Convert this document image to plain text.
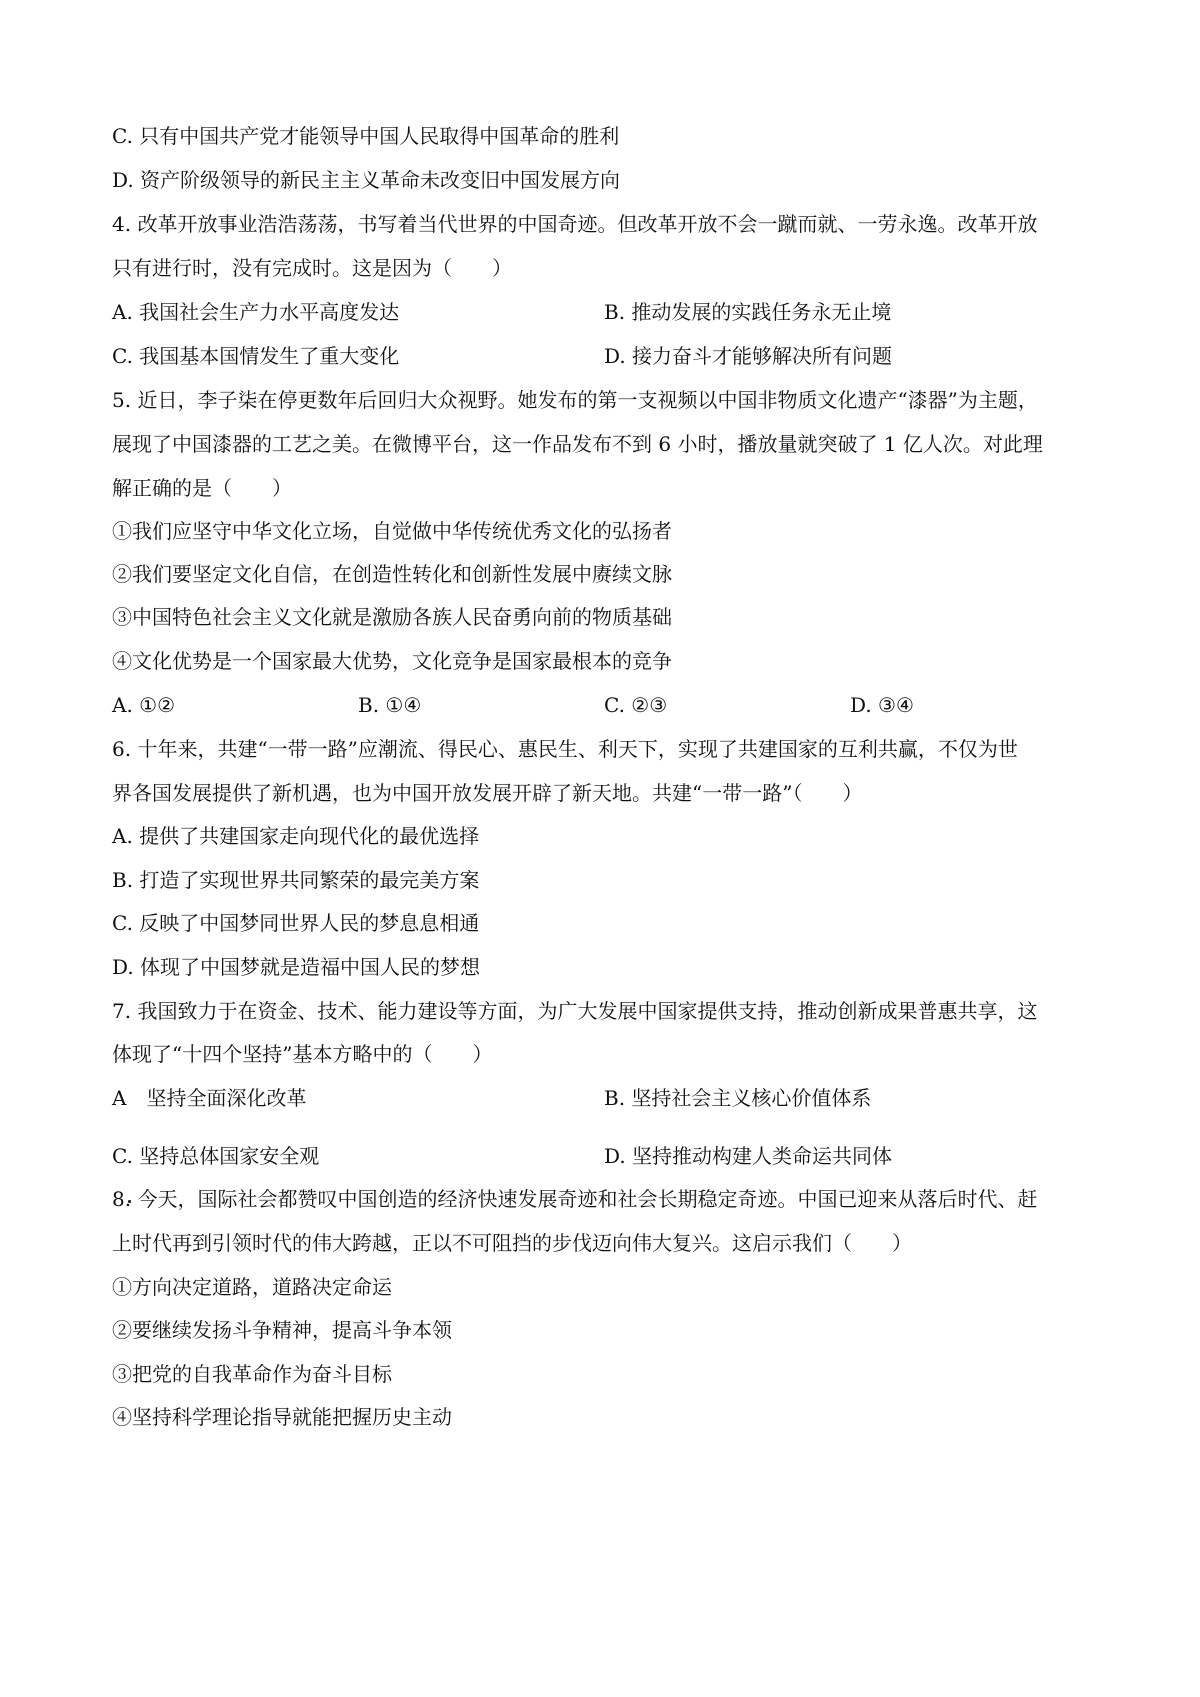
C. 只有中国共产党才能领导中国人民取得中国革命的胜利
D. 资产阶级领导的新民主主义革命未改变旧中国发展方向
4. 改革开放事业浩浩荡荡，书写着当代世界的中国奇迹。但改革开放不会一蹴而就、一劳永逸。改革开放
只有进行时，没有完成时。这是因为（　　）
A. 我国社会生产力水平高度发达	B. 推动发展的实践任务永无止境
C. 我国基本国情发生了重大变化	D. 接力奋斗才能够解决所有问题
5. 近日，李子柒在停更数年后回归大众视野。她发布的第一支视频以中国非物质文化遗产“漆器”为主题，
展现了中国漆器的工艺之美。在微博平台，这一作品发布不到 6 小时，播放量就突破了 1 亿人次。对此理
解正确的是（　　）
①我们应坚守中华文化立场，自觉做中华传统优秀文化的弘扬者
②我们要坚定文化自信，在创造性转化和创新性发展中赓续文脉
③中国特色社会主义文化就是激励各族人民奋勇向前的物质基础
④文化优势是一个国家最大优势，文化竞争是国家最根本的竞争
A. ①②	B. ①④	C. ②③	D. ③④
6. 十年来，共建“一带一路”应潮流、得民心、惠民生、利天下，实现了共建国家的互利共赢，不仅为世
界各国发展提供了新机遇，也为中国开放发展开辟了新天地。共建“一带一路”（　　）
A. 提供了共建国家走向现代化的最优选择
B. 打造了实现世界共同繁荣的最完美方案
C. 反映了中国梦同世界人民的梦息息相通
D. 体现了中国梦就是造福中国人民的梦想
7. 我国致力于在资金、技术、能力建设等方面，为广大发展中国家提供支持，推动创新成果普惠共享，这
体现了“十四个坚持”基本方略中的（　　）
A　坚持全面深化改革	B. 坚持社会主义核心价值体系
C. 坚持总体国家安全观	D. 坚持推动构建人类命运共同体
8. 今天，国际社会都赞叹中国创造的经济快速发展奇迹和社会长期稳定奇迹。中国已迎来从落后时代、赶
上时代再到引领时代的伟大跨越，正以不可阻挡的步伐迈向伟大复兴。这启示我们（　　）
①方向决定道路，道路决定命运
②要继续发扬斗争精神，提高斗争本领
③把党的自我革命作为奋斗目标
④坚持科学理论指导就能把握历史主动
